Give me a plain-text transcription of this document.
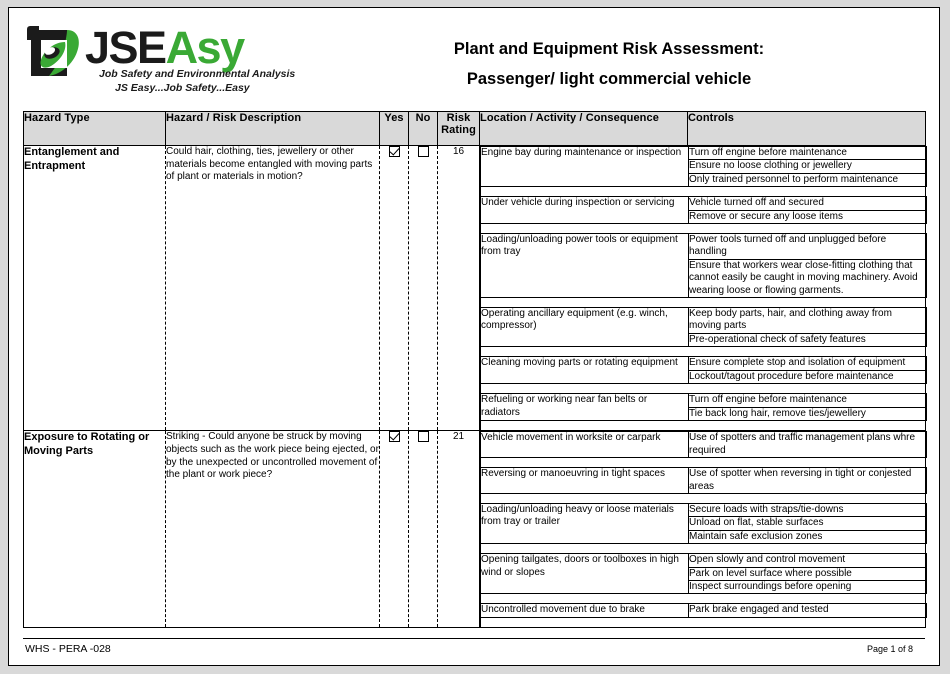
JSEAsy
Job Safety and Environmental Analysis
JS Easy...Job Safety...Easy
Plant and Equipment Risk Assessment:
Passenger/ light commercial vehicle
Hazard Type	Hazard / Risk Description	Yes	No	Risk Rating	Location / Activity / Consequence	Controls
Entanglement and Entrapment	Could hair, clothing, ties, jewellery or other materials become entangled with moving parts of plant or materials in motion?			16	Engine bay during maintenance or inspection	Turn off engine before maintenance
Ensure no loose clothing or jewellery
Only trained personnel to perform maintenance

Under vehicle during inspection or servicing	Vehicle turned off and secured
Remove or secure any loose items

Loading/unloading power tools or equipment from tray	Power tools turned off and unplugged before handling
Ensure that workers wear close-fitting clothing that cannot easily be caught in moving machinery. Avoid wearing loose or flowing garments.

Operating ancillary equipment (e.g. winch, compressor)	Keep body parts, hair, and clothing away from moving parts
Pre-operational check of safety features

Cleaning moving parts or rotating equipment	Ensure complete stop and isolation of equipment
Lockout/tagout procedure before maintenance

Refueling or working near fan belts or radiators	Turn off engine before maintenance
Tie back long hair, remove ties/jewellery

Exposure to Rotating or Moving Parts	Striking - Could anyone be struck by moving objects such as the work piece being ejected, or by the unexpected or uncontrolled movement of the plant or work piece?			21	Vehicle movement in worksite or carpark	Use of spotters and traffic management plans whre required

Reversing or manoeuvring in tight spaces	Use of spotter when reversing in tight or conjested areas

Loading/unloading heavy or loose materials from tray or trailer	Secure loads with straps/tie-downs
Unload on flat, stable surfaces
Maintain safe exclusion zones

Opening tailgates, doors or toolboxes in high wind or slopes	Open slowly and control movement
Park on level surface where possible
Inspect surroundings before opening

Uncontrolled movement due to brake	Park brake engaged and tested

WHS - PERA -028	Page 1 of 8
